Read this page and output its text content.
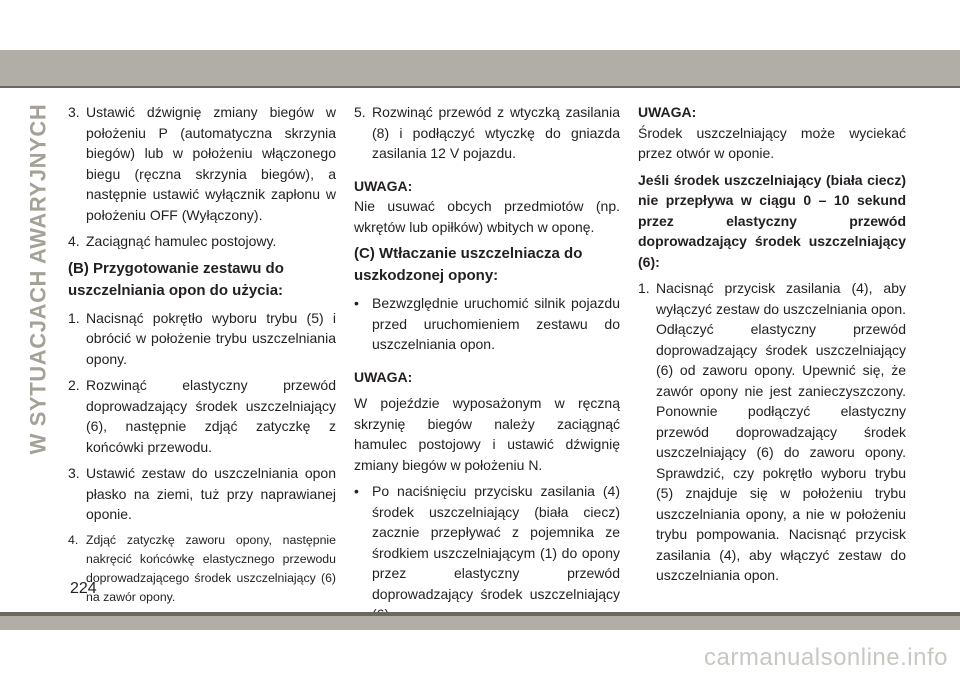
W SYTUACJACH AWARYJNYCH 3. Ustawić dźwignię zmiany biegów w położeniu P (automatyczna skrzynia biegów) lub w położeniu włączonego biegu (ręczna skrzynia biegów), a następnie ustawić wyłącznik zapłonu w położeniu OFF (Wyłączony).
4. Zaciągnąć hamulec postojowy.
(B) Przygotowanie zestawu do uszczelniania opon do użycia:
1. Nacisnąć pokrętło wyboru trybu (5) i obrócić w położenie trybu uszczelniania opony.
2. Rozwinąć elastyczny przewód doprowadzający środek uszczelniający (6), następnie zdjąć zatyczkę z końcówki przewodu.
3. Ustawić zestaw do uszczelniania opon płasko na ziemi, tuż przy naprawianej oponie.
4. Zdjąć zatyczkę zaworu opony, następnie nakręcić końcówkę elastycznego przewodu doprowadzającego środek uszczelniający (6) na zawór opony.
5. Rozwinąć przewód z wtyczką zasilania (8) i podłączyć wtyczkę do gniazda zasilania 12 V pojazdu.

UWAGA:

Nie usuwać obcych przedmiotów (np. wkrętów lub opiłków) wbitych w oponę.

(C) Wtłaczanie uszczelniacza do uszkodzonej opony:
• Bezwzględnie uruchomić silnik pojazdu przed uruchomieniem zestawu do uszczelniania opon.

UWAGA:

W pojeździe wyposażonym w ręczną skrzynię biegów należy zaciągnąć hamulec postojowy i ustawić dźwignię zmiany biegów w położeniu N.

• Po naciśnięciu przycisku zasilania (4) środek uszczelniający (biała ciecz) zacznie przepływać z pojemnika ze środkiem uszczelniającym (1) do opony przez elastyczny przewód doprowadzający środek uszczelniający

UWAGA:

Środek uszczelniający może wyciekać przez otwór w oponie.

Jeśli środek uszczelniający (biała ciecz) nie przepływa w ciągu 0 – 10 sekund przez elastyczny przewód doprowadzający środek uszczelniający (6):

1. Nacisnąć przycisk zasilania (4), aby wyłączyć zestaw do uszczelniania opon. Odłączyć elastyczny przewód doprowadzający środek uszczelniający (6) od zaworu opony. Upewnić się, że zawór opony nie jest zanieczyszczony. Ponownie podłączyć elastyczny przewód doprowadzający środek uszczelniający (6) do zaworu opony. Sprawdzić, czy pokrętło wyboru trybu (5) znajduje się w położeniu trybu uszczelniania opony, a nie w położeniu trybu pompowania. Nacisnąć przycisk zasilania (4), aby włączyć zestaw do uszczelniania opon.
224
carmanualsonline.info
